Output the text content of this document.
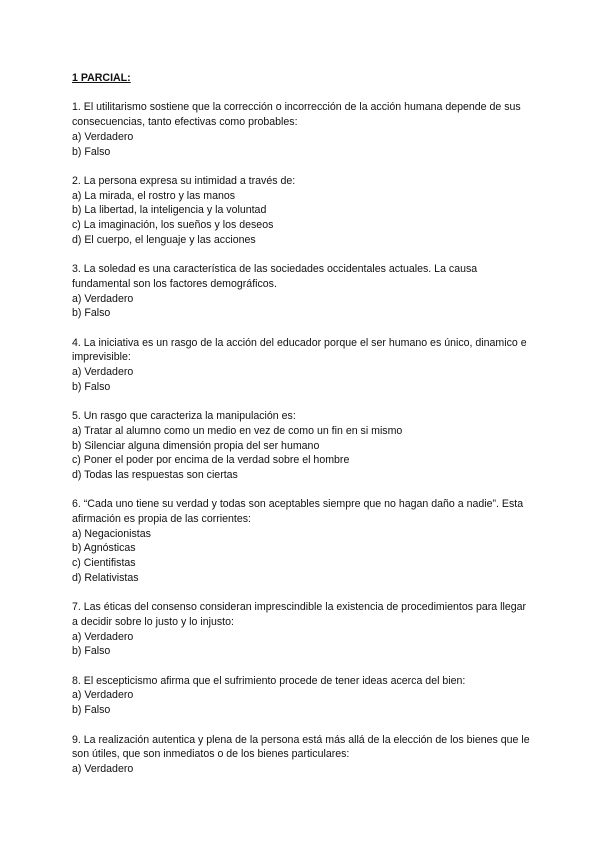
1 PARCIAL:
1. El utilitarismo sostiene que la corrección o incorrección de la acción humana depende de sus consecuencias, tanto efectivas como probables:
a) Verdadero
b) Falso
2. La persona expresa su intimidad a través de:
a) La mirada, el rostro y las manos
b) La libertad, la inteligencia y la voluntad
c) La imaginación, los sueños y los deseos
d) El cuerpo, el lenguaje y las acciones
3. La soledad es una característica de las sociedades occidentales actuales. La causa fundamental son los factores demográficos.
a) Verdadero
b) Falso
4. La iniciativa es un rasgo de la acción del educador porque el ser humano es único, dinamico e imprevisible:
a) Verdadero
b) Falso
5. Un rasgo que caracteriza la manipulación es:
a) Tratar al alumno como un medio en vez de como un fin en si mismo
b) Silenciar alguna dimensión propia del ser humano
c) Poner el poder por encima de la verdad sobre el hombre
d) Todas las respuestas son ciertas
6. “Cada uno tiene su verdad y todas son aceptables siempre que no hagan daño a nadie”. Esta afirmación es propia de las corrientes:
a) Negacionistas
b) Agnósticas
c) Cientifistas
d) Relativistas
7. Las éticas del consenso consideran imprescindible la existencia de procedimientos para llegar a decidir sobre lo justo y lo injusto:
a) Verdadero
b) Falso
8. El escepticismo afirma que el sufrimiento procede de tener ideas acerca del bien:
a) Verdadero
b) Falso
9. La realización autentica y plena de la persona está más allá de la elección de los bienes que le son útiles, que son inmediatos o de los bienes particulares:
a) Verdadero
